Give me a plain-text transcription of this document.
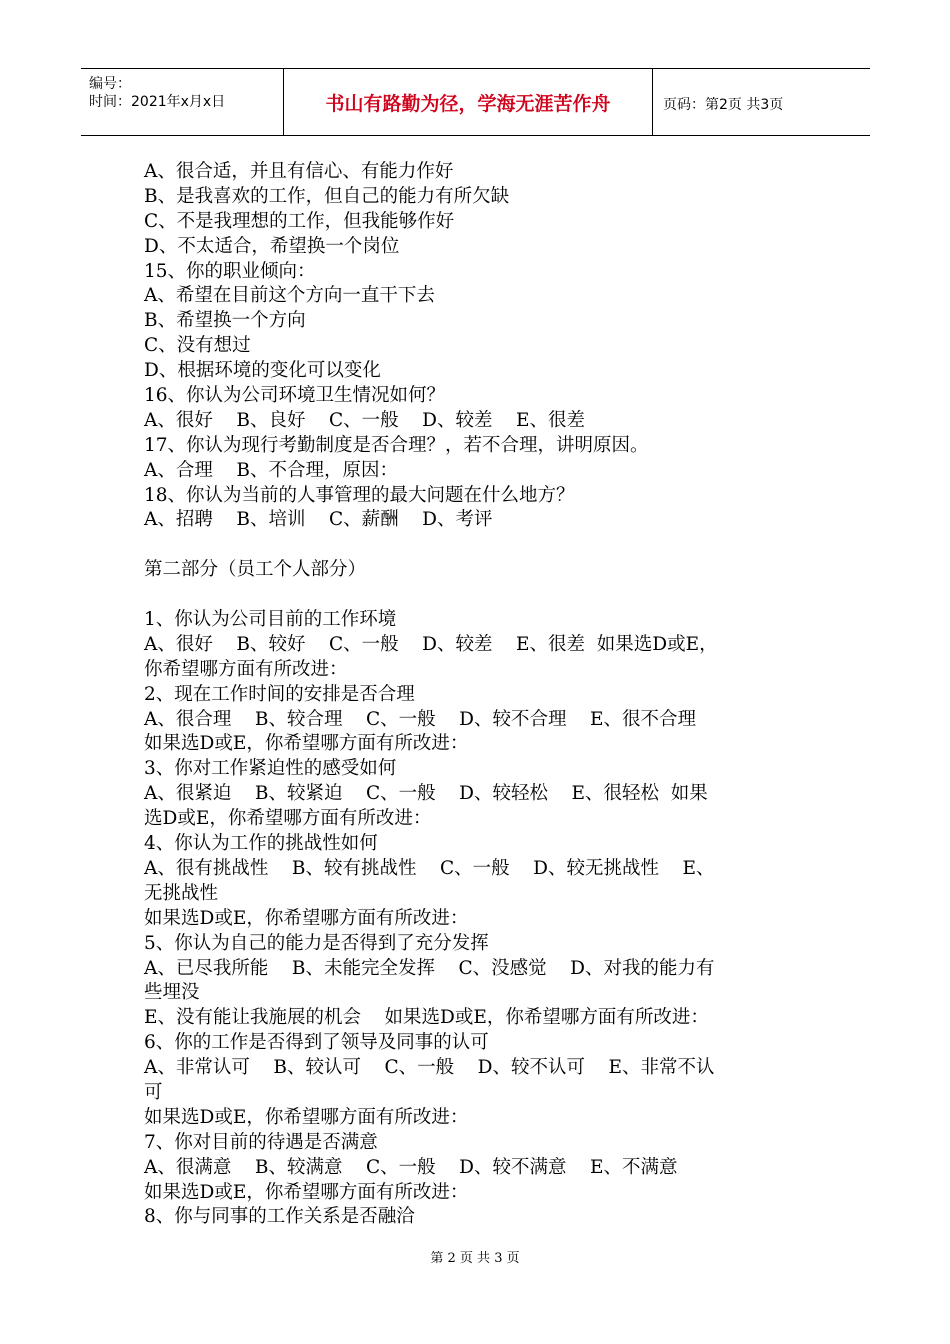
编号：
时间：2021年x月x日	书山有路勤为径，学海无涯苦作舟	页码：第2页 共3页
A、很合适，并且有信心、有能力作好
B、是我喜欢的工作，但自己的能力有所欠缺
C、不是我理想的工作，但我能够作好
D、不太适合，希望换一个岗位
15、你的职业倾向：
A、希望在目前这个方向一直干下去
B、希望换一个方向
C、没有想过
D、根据环境的变化可以变化
16、你认为公司环境卫生情况如何？
A、很好    B、良好    C、一般    D、较差    E、很差
17、你认为现行考勤制度是否合理？，若不合理，讲明原因。
A、合理    B、不合理，原因：
18、你认为当前的人事管理的最大问题在什么地方？
A、招聘    B、培训    C、薪酬    D、考评
第二部分（员工个人部分）
1、你认为公司目前的工作环境
A、很好    B、较好    C、一般    D、较差    E、很差  如果选D或E，
你希望哪方面有所改进：
2、现在工作时间的安排是否合理
A、很合理    B、较合理    C、一般    D、较不合理    E、很不合理
如果选D或E，你希望哪方面有所改进：
3、你对工作紧迫性的感受如何
A、很紧迫    B、较紧迫    C、一般    D、较轻松    E、很轻松  如果
选D或E，你希望哪方面有所改进：
4、你认为工作的挑战性如何
A、很有挑战性    B、较有挑战性    C、一般    D、较无挑战性    E、
无挑战性
如果选D或E，你希望哪方面有所改进：
5、你认为自己的能力是否得到了充分发挥
A、已尽我所能    B、未能完全发挥    C、没感觉    D、对我的能力有
些埋没
E、没有能让我施展的机会    如果选D或E，你希望哪方面有所改进：
6、你的工作是否得到了领导及同事的认可
A、非常认可    B、较认可    C、一般    D、较不认可    E、非常不认
可
如果选D或E，你希望哪方面有所改进：
7、你对目前的待遇是否满意
A、很满意    B、较满意    C、一般    D、较不满意    E、不满意
如果选D或E，你希望哪方面有所改进：
8、你与同事的工作关系是否融洽
第 2 页 共 3 页
